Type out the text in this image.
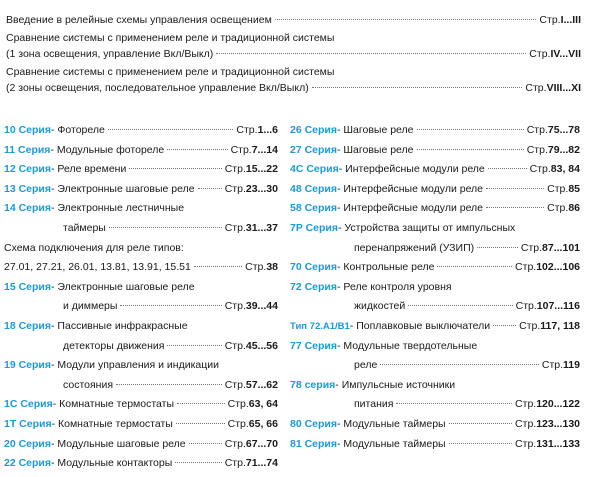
Введение в релейные схемы управления освещением	Стр.I...III
Сравнение системы с применением реле и традиционной системы
(1 зона освещения, управление Вкл/Выкл)	Стр.IV...VII
Сравнение системы с применением реле и традиционной системы
(2 зоны освещения, последовательное управление Вкл/Выкл)	Стр.VIII...XI
10 Серия - Фотореле	Стр.1...6
11 Серия - Модульные фотореле	Стр.7...14
12 Серия - Реле времени	Стр.15...22
13 Серия - Электронные шаговые реле	Стр.23...30
14 Серия - Электронные лестничные
таймеры	Стр.31...37
Схема подключения для реле типов:
27.01, 27.21, 26.01, 13.81, 13.91, 15.51	Стр.38
15 Серия - Электронные шаговые реле
и диммеры	Стр.39...44
18 Серия - Пассивные инфракрасные
детекторы движения	Стр.45...56
19 Серия - Модули управления и индикации
состояния	Стр.57...62
1C Серия - Комнатные термостаты	Стр.63, 64
1T Серия - Комнатные термостаты	Стр.65, 66
20 Серия - Модульные шаговые реле	Стр.67...70
22 Серия - Модульные контакторы	Стр.71...74
26 Серия - Шаговые реле	Стр.75...78
27 Серия - Шаговые реле	Стр.79...82
4C Серия - Интерфейсные модули реле	Стр.83, 84
48 Серия - Интерфейсные модули реле	Стр.85
58 Серия - Интерфейсные модули реле	Стр.86
7P Серия - Устройства защиты от импульсных
перенапряжений (УЗИП)	Стр.87...101
70 Серия - Контрольные реле	Стр.102...106
72 Серия - Реле контроля уровня
жидкостей	Стр.107...116
Тип 72.A1/B1 - Поплавковые выключатели	Стр.117, 118
77 Серия - Модульные твердотельные
реле	Стр.119
78 серия - Импульсные источники
питания	Стр.120...122
80 Серия - Модульные таймеры	Стр.123...130
81 Серия - Модульные таймеры	Стр.131...133
